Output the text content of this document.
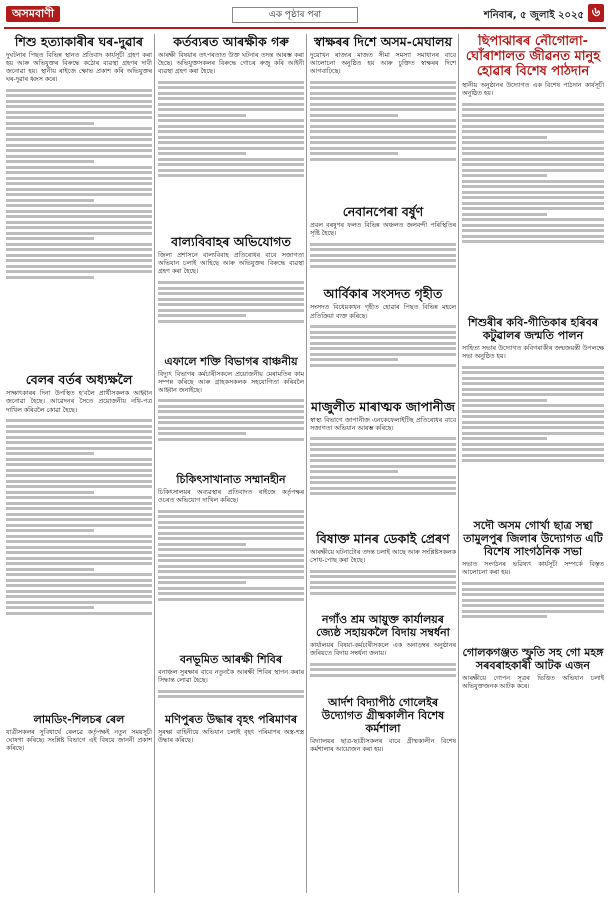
অসমবাণী	এক পৃষ্ঠাৰ পৰা	শনিবাৰ, ৫ জুলাই ২০২৫ ৬
শিশু হত্যাকাৰীৰ ঘৰ-দুৱাৰ

দুঘটনাৰ পিছত বিভিন্ন স্থানত প্ৰতিবাদ কাৰ্যসূচী গ্ৰহণ কৰা হয় আৰু অভিযুক্তৰ বিৰুদ্ধে কঠোৰ ব্যৱস্থা গ্ৰহণৰ দাবী জনোৱা হয়। স্থানীয় ৰাইজে ক্ষোভ প্ৰকাশ কৰি অভিযুক্তৰ ঘৰ-দুৱাৰ ধ্বংস কৰে।

বেলৰ বৰ্তৰ অধ্যক্ষলৈ

সাক্ষাৎকাৰৰ দিনা উপস্থিত হ'বলৈ প্ৰাৰ্থীসকলক আহ্বান জনোৱা হৈছে। আৱেদনৰ সৈতে প্ৰয়োজনীয় নথি-পত্ৰ দাখিল কৰিবলৈ কোৱা হৈছে।

লামডিং-শিলচৰ ৰেল

যাত্ৰীসকলৰ সুবিধাৰ্থে ৰেলৱে কৰ্তৃপক্ষই নতুন সময়সূচী ঘোষণা কৰিছে। সংশ্লিষ্ট বিভাগে এই বিষয়ে জাননী প্ৰকাশ কৰিছে।

কৰ্তব্যৰত আৰক্ষীক গৰু

আৰক্ষী বিষয়াৰ তৎপৰতাত উক্ত ঘটনাৰ তদন্ত আৰম্ভ কৰা হৈছে। অভিযুক্তসকলৰ বিৰুদ্ধে গোচৰ ৰুজু কৰি আইনী ব্যৱস্থা গ্ৰহণ কৰা হৈছে।

বাল্যবিবাহৰ অভিযোগত

জিলা প্ৰশাসনে বাল্যবিবাহ প্ৰতিৰোধৰ বাবে সজাগতা অভিযান চলাই আহিছে আৰু অভিযুক্তৰ বিৰুদ্ধে ব্যৱস্থা গ্ৰহণ কৰা হৈছে।

এফালে শক্তি বিভাগৰ বাঞ্চনীয়

বিদ্যুৎ বিভাগৰ কৰ্মচাৰীসকলে প্ৰয়োজনীয় মেৰামতিৰ কাম সম্পন্ন কৰিছে আৰু গ্ৰাহকসকলক সহযোগিতা কৰিবলৈ আহ্বান জনাইছে।

চিকিৎসাখানাত সম্মানহীন

চিকিৎসালয়ৰ অব্যৱস্থাৰ প্ৰতিবাদত ৰাইজে কৰ্তৃপক্ষৰ ওচৰত অভিযোগ দাখিল কৰিছে।

বনভূমিত আৰক্ষী শিবিৰ

বনাঞ্চল সুৰক্ষাৰ বাবে নতুনকৈ আৰক্ষী শিবিৰ স্থাপন কৰাৰ সিদ্ধান্ত লোৱা হৈছে।

মণিপুৰত উদ্ধাৰ বৃহৎ পৰিমাণৰ

সুৰক্ষা বাহিনীয়ে অভিযান চলাই বৃহৎ পৰিমাণৰ অস্ত্ৰ-শস্ত্ৰ উদ্ধাৰ কৰিছে।

স্বাক্ষৰৰ দিশে অসম-মেঘালয়

দুয়োখন ৰাজ্যৰ মাজত সীমা সমস্যা সমাধানৰ বাবে আলোচনা অনুষ্ঠিত হয় আৰু চুক্তিত স্বাক্ষৰৰ দিশে আগবাঢ়িছে।

নেবানপেৰা বৰ্ষুণ

প্ৰবল বৰষুণৰ ফলত বিভিন্ন অঞ্চলত জলবন্দী পৰিস্থিতিৰ সৃষ্টি হৈছে।

আৰ্বিকাৰ সংসদত গৃহীত

সংসদত বিধেয়কখন গৃহীত হোৱাৰ পিছত বিভিন্ন মহলে প্ৰতিক্ৰিয়া ব্যক্ত কৰিছে।

মাজুলীত মাৰাত্মক জাপানীজ

স্বাস্থ্য বিভাগে জাপানীজ এনকেফেলাইটিছ প্ৰতিৰোধৰ বাবে সজাগতা অভিযান আৰম্ভ কৰিছে।

বিষাক্ত মানৰ ডেকাই প্ৰেৰণ

আৰক্ষীয়ে ঘটনাটোৰ তদন্ত চলাই আছে আৰু সংশ্লিষ্টসকলক সোধ-পোছ কৰা হৈছে।

নগাঁও শ্ৰম আয়ুক্ত কাৰ্যালয়ৰ জ্যেষ্ঠ সহায়কলৈ বিদায় সম্বৰ্ধনা

কাৰ্যালয়ৰ বিষয়া-কৰ্মচাৰীসকলে এক অনাড়ম্বৰ অনুষ্ঠানৰ জৰিয়তে বিদায় সম্বৰ্ধনা জনায়।

আৰ্দশ বিদ্যাপীঠ গোলেইৰ উদ্যোগত গ্ৰীষ্মকালীন বিশেষ কৰ্মশালা

বিদ্যালয়ৰ ছাত্ৰ-ছাত্ৰীসকলৰ বাবে গ্ৰীষ্মকালীন বিশেষ কৰ্মশালাৰ আয়োজন কৰা হয়।

ছিপাঝাৰৰ নৌগোলা-ঘোঁৰাশালত জীৱনত মানুহ হোৱাৰ বিশেষ পাঠদান

স্থানীয় অনুষ্ঠানৰ উদ্যোগত এক বিশেষ পাঠদান কাৰ্যসূচী অনুষ্ঠিত হয়।

শিশুৰীৰ কবি-গীতিকাৰ হৰিবৰ কটুৱালৰ জন্মতি পালন

সাহিত্য সভাৰ উদ্যোগত কবিগৰাকীৰ জন্মজয়ন্তী উপলক্ষে সভা অনুষ্ঠিত হয়।

সদৌ অসম গোৰ্খা ছাত্ৰ সন্থা তামুলপুৰ জিলাৰ উদ্যোগত এটি বিশেষ সাংগঠনিক সভা

সভাত সংগঠনৰ ভৱিষ্যৎ কাৰ্যসূচী সম্পৰ্কে বিস্তৃত আলোচনা কৰা হয়।

গোলকগঞ্জত স্ফুতি সহ গো মহঙ্গ সৰবৰাহকাৰী আটক এজন

আৰক্ষীয়ে গোপন সূত্ৰৰ ভিত্তিত অভিযান চলাই অভিযুক্তজনক আটক কৰে।
